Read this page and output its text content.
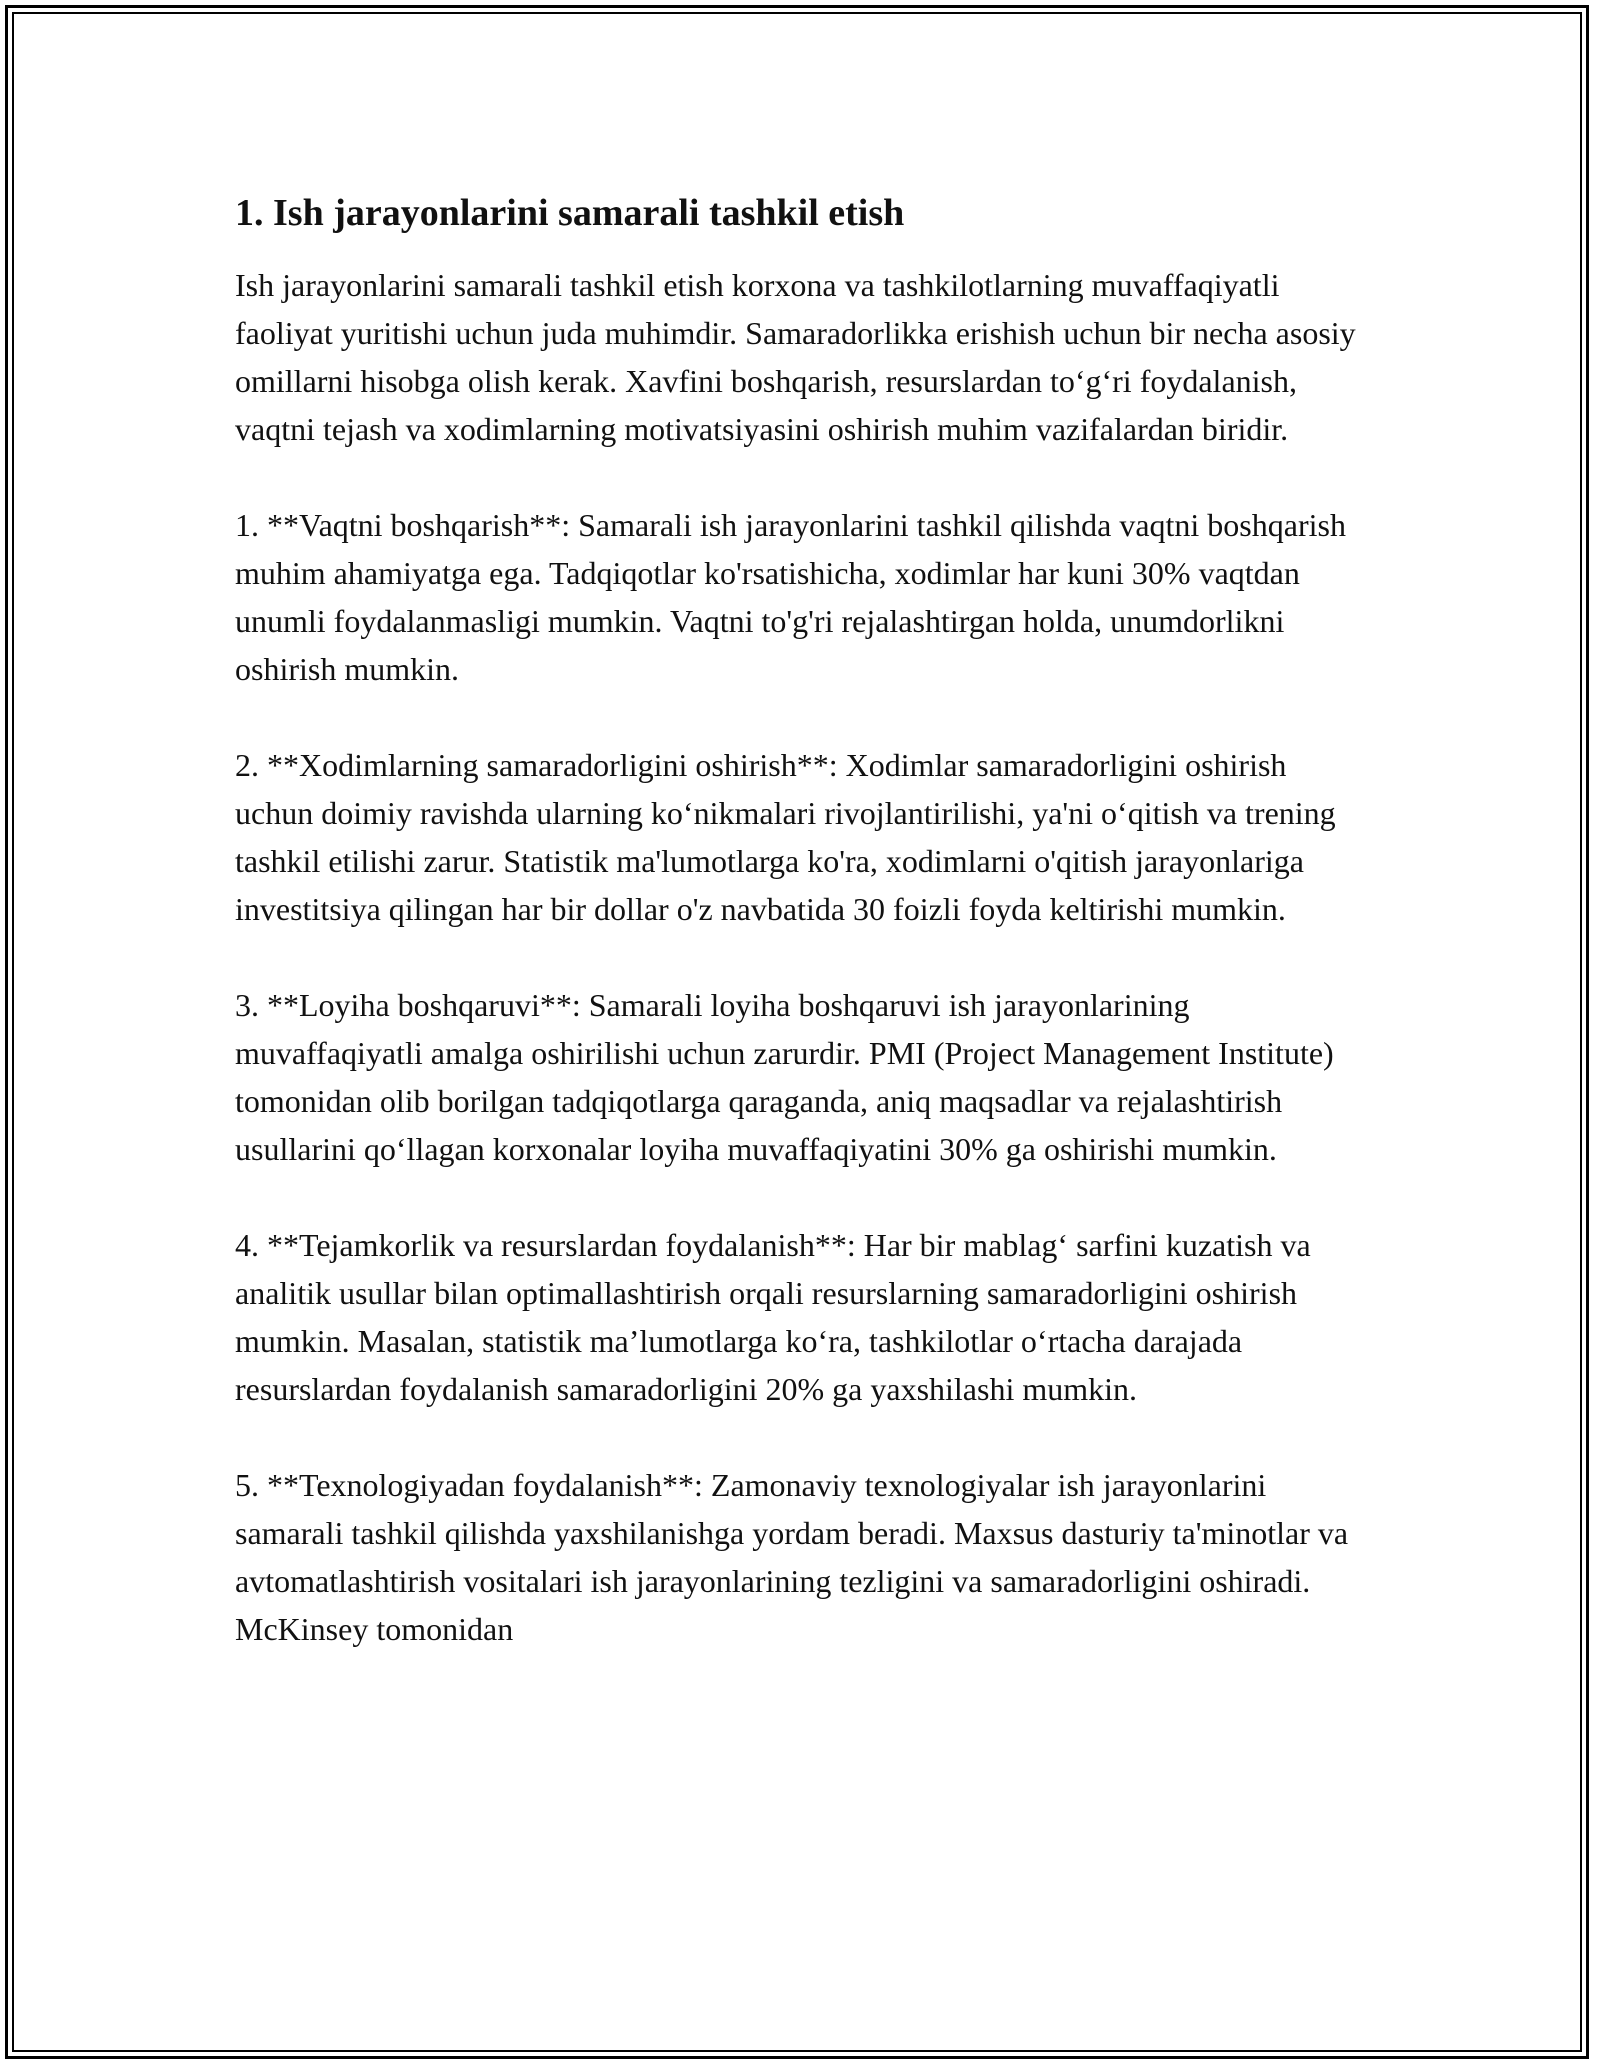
1. Ish jarayonlarini samarali tashkil etish

Ish jarayonlarini samarali tashkil etish korxona va tashkilotlarning muvaffaqiyatli faoliyat yuritishi uchun juda muhimdir. Samaradorlikka erishish uchun bir necha asosiy omillarni hisobga olish kerak. Xavfini boshqarish, resurslardan to‘g‘ri foydalanish, vaqtni tejash va xodimlarning motivatsiyasini oshirish muhim vazifalardan biridir.

1. **Vaqtni boshqarish**: Samarali ish jarayonlarini tashkil qilishda vaqtni boshqarish muhim ahamiyatga ega. Tadqiqotlar ko'rsatishicha, xodimlar har kuni 30% vaqtdan unumli foydalanmasligi mumkin. Vaqtni to'g'ri rejalashtirgan holda, unumdorlikni oshirish mumkin.

2. **Xodimlarning samaradorligini oshirish**: Xodimlar samaradorligini oshirish uchun doimiy ravishda ularning ko‘nikmalari rivojlantirilishi, ya'ni o‘qitish va trening tashkil etilishi zarur. Statistik ma'lumotlarga ko'ra, xodimlarni o'qitish jarayonlariga investitsiya qilingan har bir dollar o'z navbatida 30 foizli foyda keltirishi mumkin.

3. **Loyiha boshqaruvi**: Samarali loyiha boshqaruvi ish jarayonlarining muvaffaqiyatli amalga oshirilishi uchun zarurdir. PMI (Project Management Institute) tomonidan olib borilgan tadqiqotlarga qaraganda, aniq maqsadlar va rejalashtirish usullarini qo‘llagan korxonalar loyiha muvaffaqiyatini 30% ga oshirishi mumkin.

4. **Tejamkorlik va resurslardan foydalanish**: Har bir mablag‘ sarfini kuzatish va analitik usullar bilan optimallashtirish orqali resurslarning samaradorligini oshirish mumkin. Masalan, statistik ma’lumotlarga ko‘ra, tashkilotlar o‘rtacha darajada resurslardan foydalanish samaradorligini 20% ga yaxshilashi mumkin.

5. **Texnologiyadan foydalanish**: Zamonaviy texnologiyalar ish jarayonlarini samarali tashkil qilishda yaxshilanishga yordam beradi. Maxsus dasturiy ta'minotlar va avtomatlashtirish vositalari ish jarayonlarining tezligini va samaradorligini oshiradi. McKinsey tomonidan
